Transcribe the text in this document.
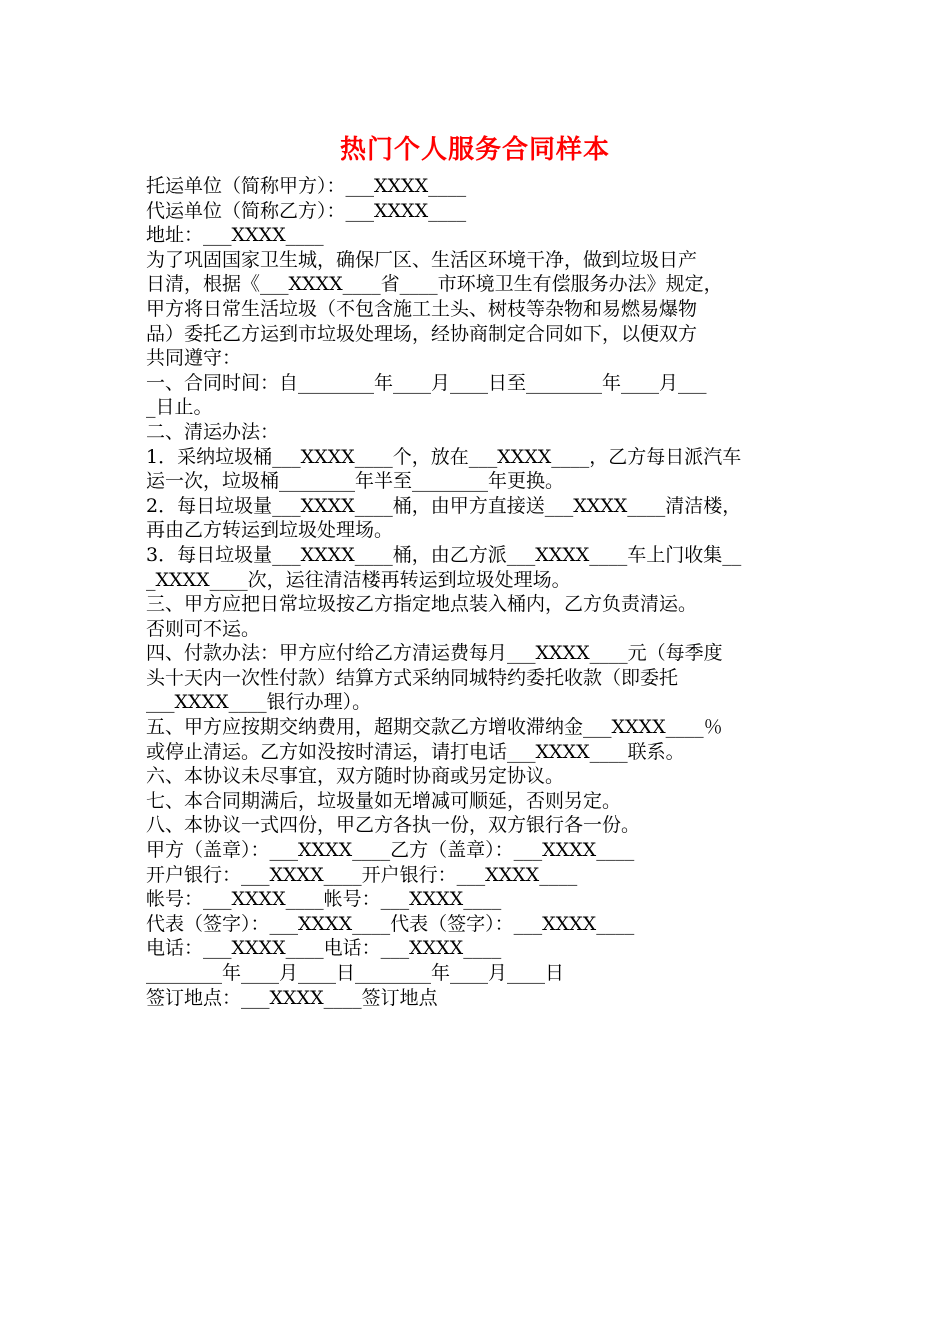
热门个人服务合同样本
托运单位（简称甲方）：___XXXX____
代运单位（简称乙方）：___XXXX____
地址：___XXXX____
为了巩固国家卫生城，确保厂区、生活区环境干净，做到垃圾日产
日清，根据《___XXXX____省____市环境卫生有偿服务办法》规定，
甲方将日常生活垃圾（不包含施工土头、树枝等杂物和易燃易爆物
品）委托乙方运到市垃圾处理场，经协商制定合同如下，以便双方
共同遵守：
一、合同时间：自________年____月____日至________年____月___
_日止。
二、清运办法：
1．采纳垃圾桶___XXXX____个，放在___XXXX____，乙方每日派汽车
运一次，垃圾桶________年半至________年更换。
2．每日垃圾量___XXXX____桶，由甲方直接送___XXXX____清洁楼，
再由乙方转运到垃圾处理场。
3．每日垃圾量___XXXX____桶，由乙方派___XXXX____车上门收集__
_XXXX____次，运往清洁楼再转运到垃圾处理场。
三、甲方应把日常垃圾按乙方指定地点装入桶内，乙方负责清运。
否则可不运。
四、付款办法：甲方应付给乙方清运费每月___XXXX____元（每季度
头十天内一次性付款）结算方式采纳同城特约委托收款（即委托
___XXXX____银行办理）。
五、甲方应按期交纳费用，超期交款乙方增收滞纳金___XXXX____％
或停止清运。乙方如没按时清运，请打电话___XXXX____联系。
六、本协议未尽事宜，双方随时协商或另定协议。
七、本合同期满后，垃圾量如无增减可顺延，否则另定。
八、本协议一式四份，甲乙方各执一份，双方银行各一份。
甲方（盖章）：___XXXX____乙方（盖章）：___XXXX____
开户银行：___XXXX____开户银行：___XXXX____
帐号：___XXXX____帐号：___XXXX____
代表（签字）：___XXXX____代表（签字）：___XXXX____
电话：___XXXX____电话：___XXXX____
________年____月____日________年____月____日
签订地点：___XXXX____签订地点
